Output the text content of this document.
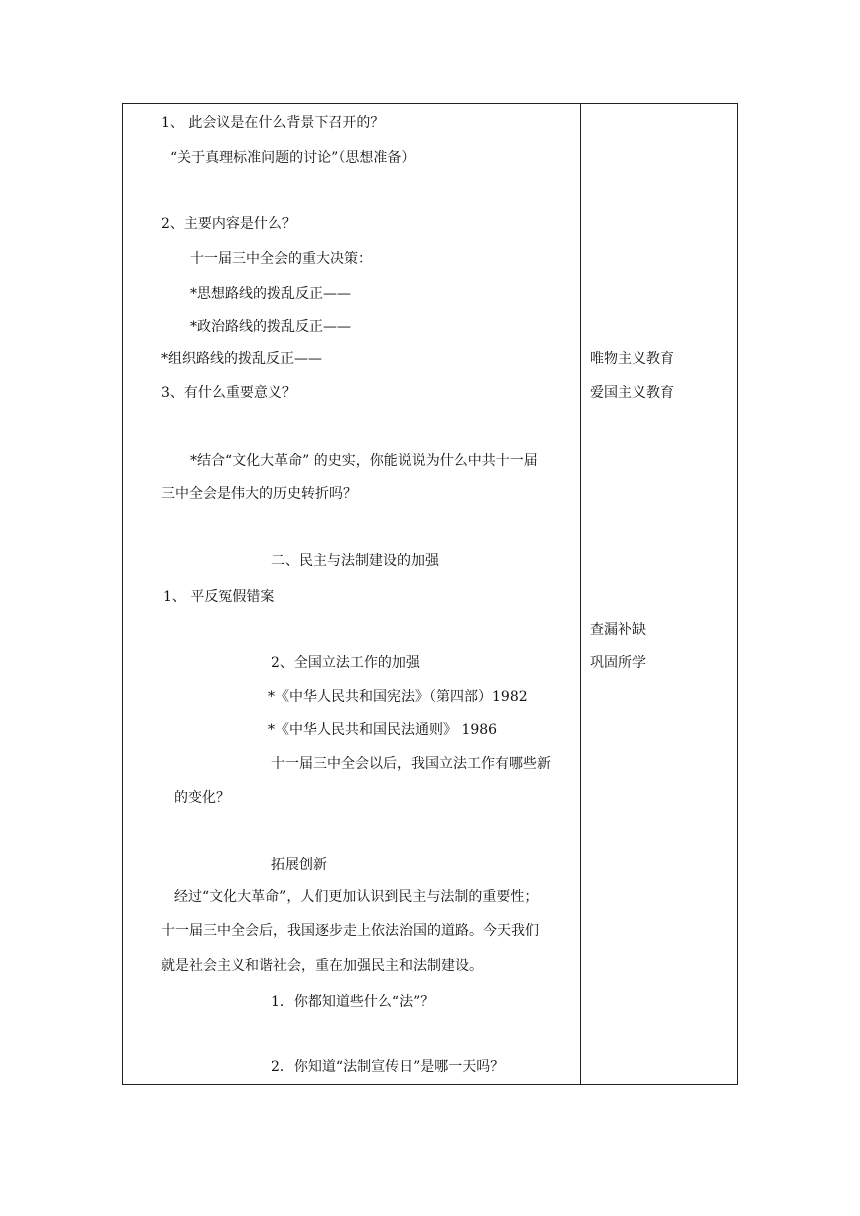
1、 此会议是在什么背景下召开的？
“关于真理标准问题的讨论”（思想准备）
2、主要内容是什么？
十一届三中全会的重大决策：
*思想路线的拨乱反正——
*政治路线的拨乱反正——
*组织路线的拨乱反正——
3、有什么重要意义？
*结合“文化大革命” 的史实，你能说说为什么中共十一届
三中全会是伟大的历史转折吗？
二、民主与法制建设的加强
1、 平反冤假错案
2、全国立法工作的加强
*《中华人民共和国宪法》（第四部）1982
*《中华人民共和国民法通则》 1986
十一届三中全会以后，我国立法工作有哪些新
的变化？
拓展创新
经过“文化大革命”，人们更加认识到民主与法制的重要性；
十一届三中全会后，我国逐步走上依法治国的道路。今天我们
就是社会主义和谐社会，重在加强民主和法制建设。
1．你都知道些什么“法”？
2．你知道“法制宣传日”是哪一天吗？
唯物主义教育
爱国主义教育
查漏补缺
巩固所学
